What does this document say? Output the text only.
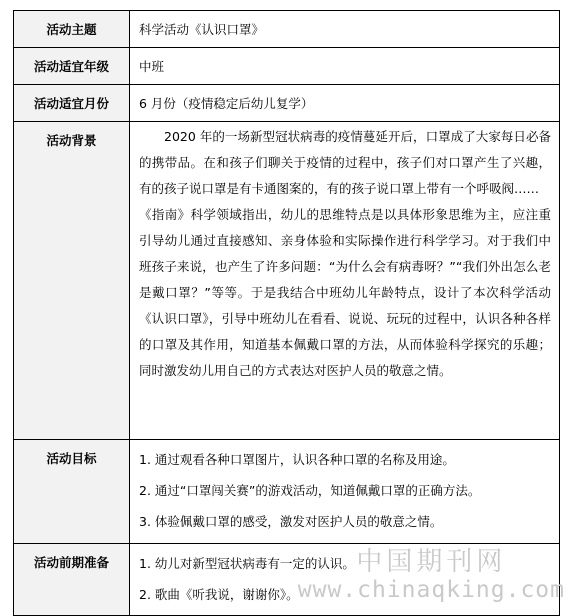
活动主题	科学活动《认识口罩》
活动适宜年级	中班
活动适宜月份	6 月份（疫情稳定后幼儿复学）
活动背景	2020 年的一场新型冠状病毒的疫情蔓延开后，口罩成了大家每日必备的携带品。在和孩子们聊关于疫情的过程中，孩子们对口罩产生了兴趣，有的孩子说口罩是有卡通图案的，有的孩子说口罩上带有一个呼吸阀……

《指南》科学领域指出，幼儿的思维特点是以具体形象思维为主，应注重引导幼儿通过直接感知、亲身体验和实际操作进行科学学习。对于我们中班孩子来说，也产生了许多问题：“为什么会有病毒呀？”“我们外出怎么老是戴口罩？”等等。于是我结合中班幼儿年龄特点，设计了本次科学活动《认识口罩》，引导中班幼儿在看看、说说、玩玩的过程中，认识各种各样的口罩及其作用，知道基本佩戴口罩的方法，从而体验科学探究的乐趣；同时激发幼儿用自己的方式表达对医护人员的敬意之情。

活动目标	1. 通过观看各种口罩图片，认识各种口罩的名称及用途。

2. 通过“口罩闯关赛”的游戏活动，知道佩戴口罩的正确方法。

3. 体验佩戴口罩的感受，激发对医护人员的敬意之情。

活动前期准备	1. 幼儿对新型冠状病毒有一定的认识。

2. 歌曲《听我说，谢谢你》。

中国期刊网
www.chinaqking.com
